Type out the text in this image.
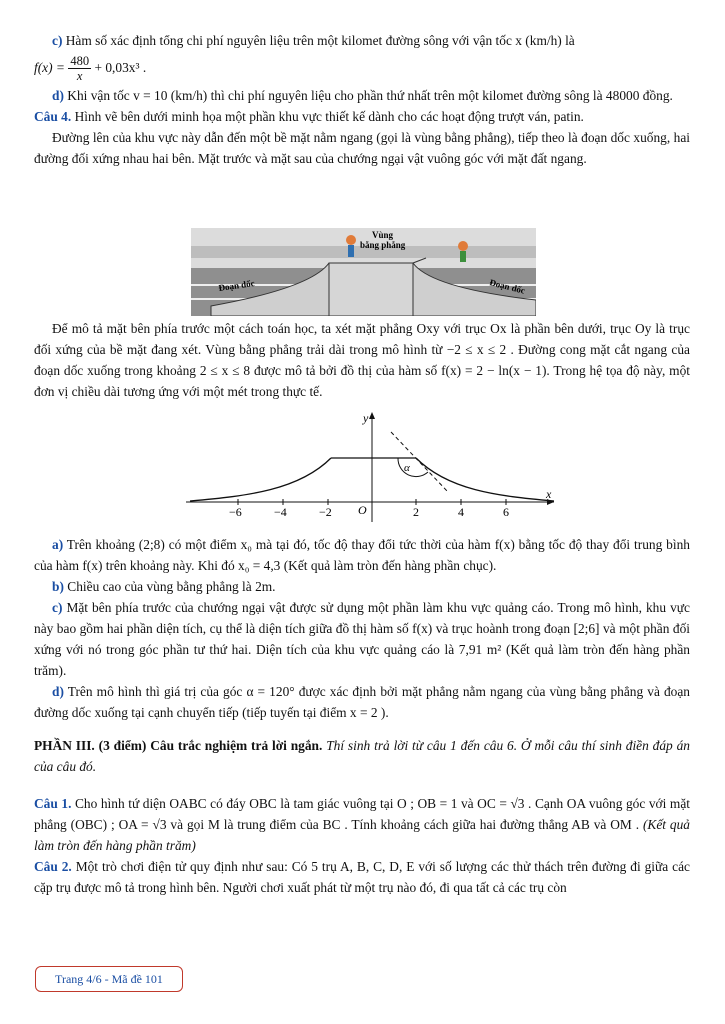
c) Hàm số xác định tổng chi phí nguyên liệu trên một kilomet đường sông với vận tốc x (km/h) là

$f(x) = \frac{480}{x} + 0,03x^3$ .

d) Khi vận tốc v = 10 (km/h) thì chi phí nguyên liệu cho phần thứ nhất trên một kilomet đường sông là 48000 đồng.

Câu 4. Hình vẽ bên dưới minh họa một phần khu vực thiết kế dành cho các hoạt động trượt ván, patin.

Đường lên của khu vực này dẫn đến một bề mặt nằm ngang (gọi là vùng bằng phẳng), tiếp theo là đoạn dốc xuống, hai đường đối xứng nhau hai bên. Mặt trước và mặt sau của chướng ngại vật vuông góc với mặt đất ngang.

Vùng
bằng phẳng
Đoạn dốc	Đoạn dốc

Để mô tả mặt bên phía trước một cách toán học, ta xét mặt phẳng Oxy với trục Ox là phần bên dưới, trục Oy là trục đối xứng của bề mặt đang xét. Vùng bằng phẳng trải dài trong mô hình từ −2 ≤ x ≤ 2 . Đường cong mặt cắt ngang của đoạn dốc xuống trong khoảng 2 ≤ x ≤ 8 được mô tả bởi đồ thị của hàm số f(x) = 2 − ln(x − 1). Trong hệ tọa độ này, một đơn vị chiều dài tương ứng với một mét trong thực tế.

y
x
O
α
−6	−4	−2	2	4	6

a) Trên khoảng (2;8) có một điểm x₀ mà tại đó, tốc độ thay đổi tức thời của hàm f(x) bằng tốc độ thay đổi trung bình của hàm f(x) trên khoảng này. Khi đó x₀ = 4,3 (Kết quả làm tròn đến hàng phần chục).

b) Chiều cao của vùng bằng phẳng là 2m.

c) Mặt bên phía trước của chướng ngại vật được sử dụng một phần làm khu vực quảng cáo. Trong mô hình, khu vực này bao gồm hai phần diện tích, cụ thể là diện tích giữa đồ thị hàm số f(x) và trục hoành trong đoạn [2;6] và một phần đối xứng với nó trong góc phần tư thứ hai. Diện tích của khu vực quảng cáo là 7,91 m² (Kết quả làm tròn đến hàng phần trăm).

d) Trên mô hình thì giá trị của góc α = 120° được xác định bởi mặt phẳng nằm ngang của vùng bằng phẳng và đoạn đường dốc xuống tại cạnh chuyển tiếp (tiếp tuyến tại điểm x = 2 ).

PHẦN III. (3 điểm) Câu trắc nghiệm trả lời ngắn. Thí sinh trả lời từ câu 1 đến câu 6. Ở mỗi câu thí sinh điền đáp án của câu đó.

Câu 1. Cho hình tứ diện OABC có đáy OBC là tam giác vuông tại O ; OB = 1 và OC = √3 . Cạnh OA vuông góc với mặt phẳng (OBC) ; OA = √3 và gọi M là trung điểm của BC . Tính khoảng cách giữa hai đường thẳng AB và OM . (Kết quả làm tròn đến hàng phần trăm)

Câu 2. Một trò chơi điện tử quy định như sau: Có 5 trụ A, B, C, D, E với số lượng các thử thách trên đường đi giữa các cặp trụ được mô tả trong hình bên. Người chơi xuất phát từ một trụ nào đó, đi qua tất cả các trụ còn

Trang 4/6 - Mã đề 101
